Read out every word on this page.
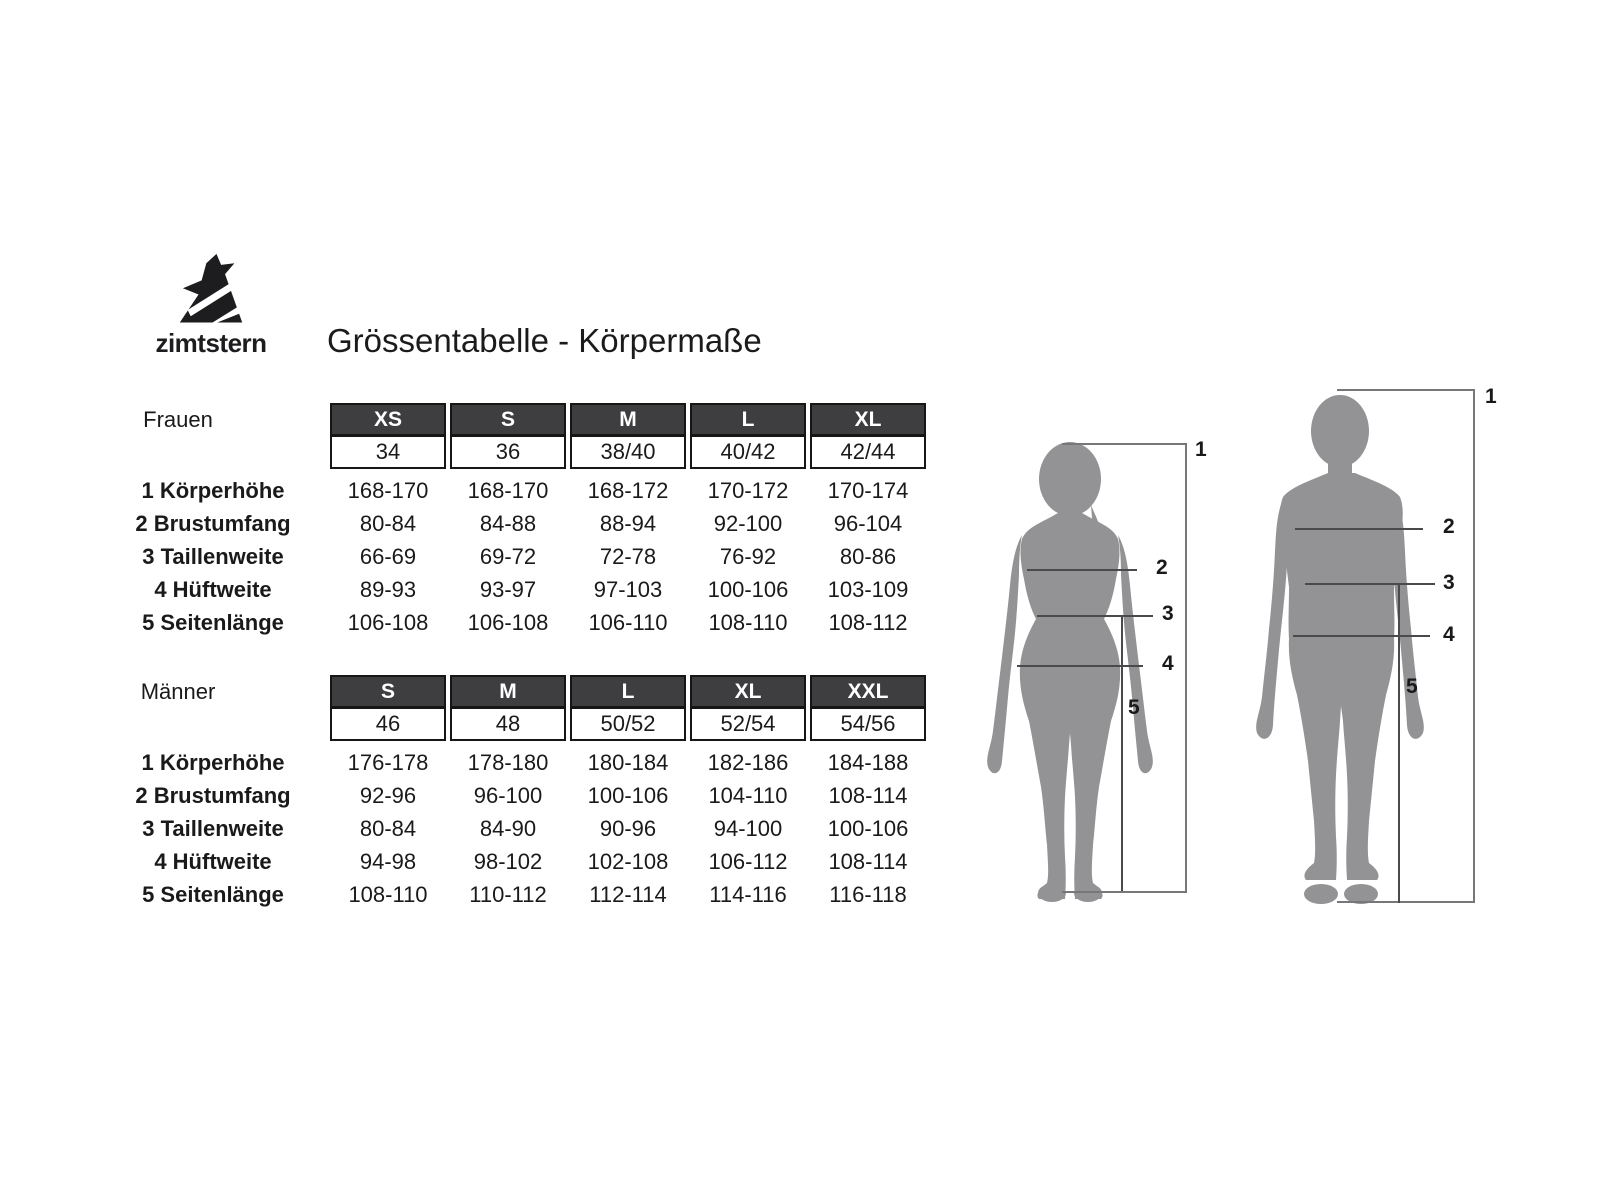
zimtstern Grössentabelle - Körpermaße
Frauen	XS	S	M	L	XL
34	36	38/40	40/42	42/44
1 Körperhöhe	168-170	168-170	168-172	170-172	170-174
2 Brustumfang	80-84	84-88	88-94	92-100	96-104
3 Taillenweite	66-69	69-72	72-78	76-92	80-86
4 Hüftweite	89-93	93-97	97-103	100-106	103-109
5 Seitenlänge	106-108	106-108	106-110	108-110	108-112
Männer	S	M	L	XL	XXL
46	48	50/52	52/54	54/56
1 Körperhöhe	176-178	178-180	180-184	182-186	184-188
2 Brustumfang	92-96	96-100	100-106	104-110	108-114
3 Taillenweite	80-84	84-90	90-96	94-100	100-106
4 Hüftweite	94-98	98-102	102-108	106-112	108-114
5 Seitenlänge	108-110	110-112	112-114	114-116	116-118
1
2
3
4
5
1
2
3
4
5
